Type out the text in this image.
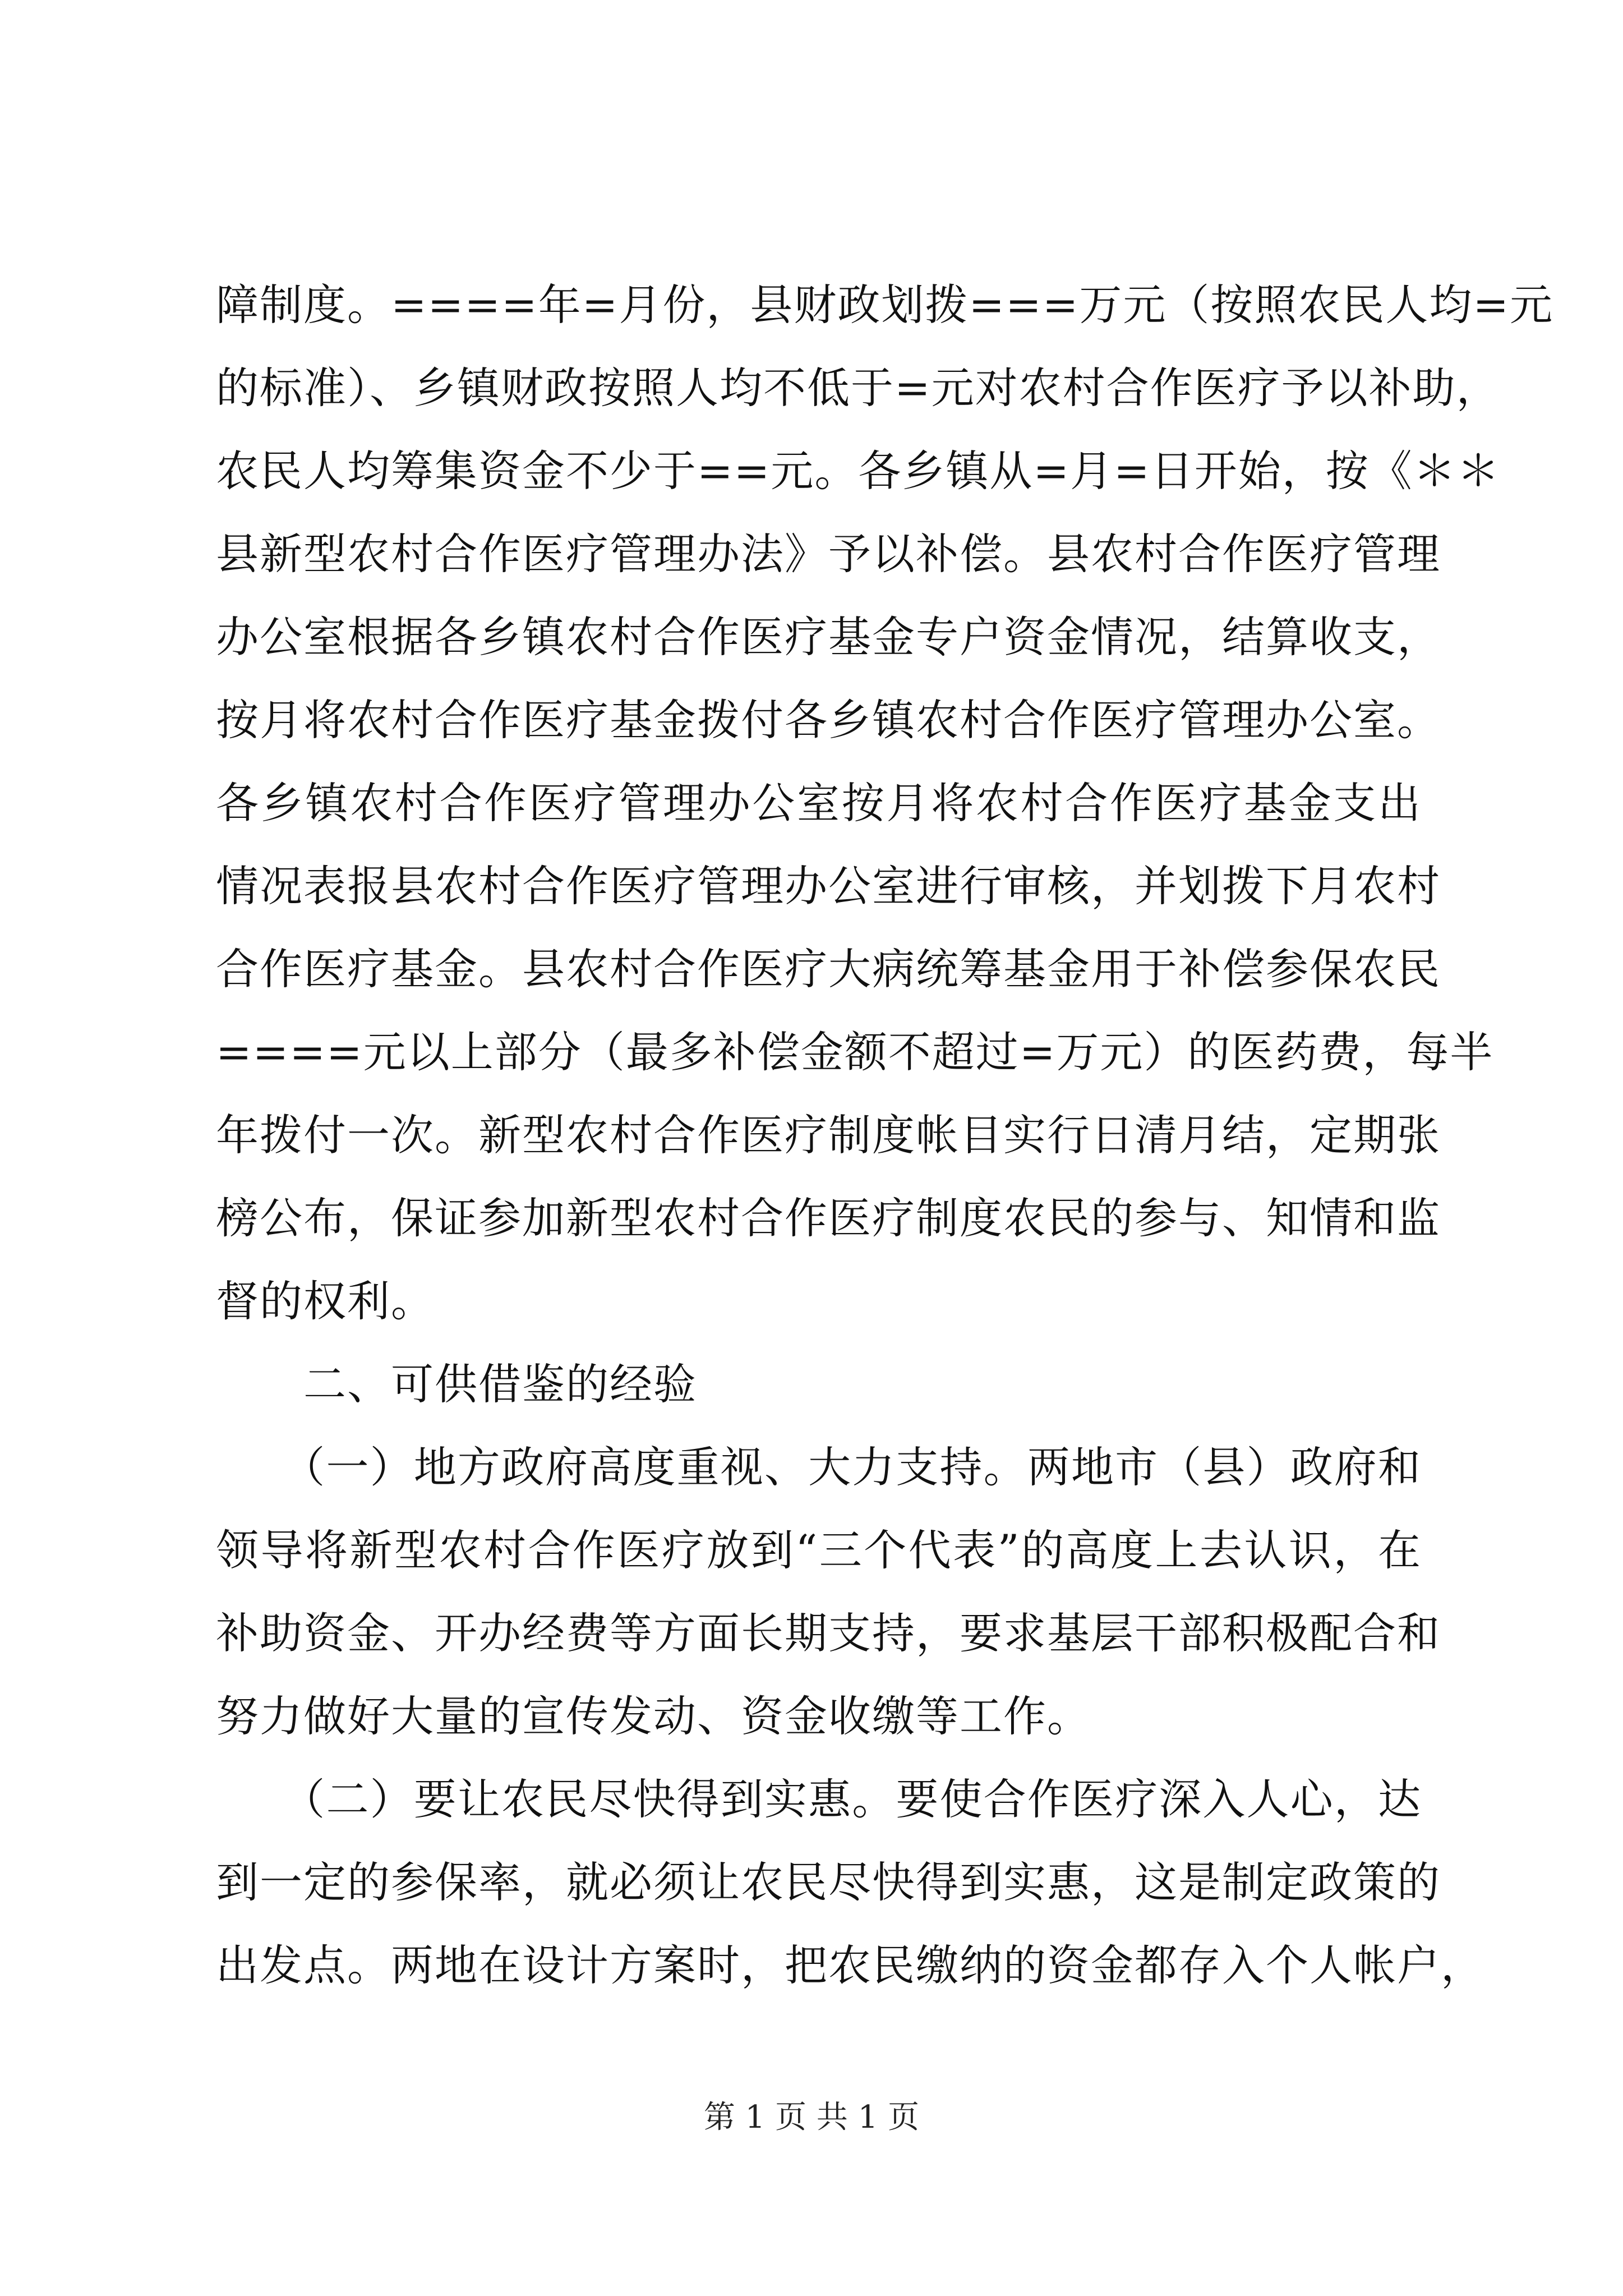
障制度。====年=月份，县财政划拨===万元（按照农民人均=元
的标准）、乡镇财政按照人均不低于=元对农村合作医疗予以补助，
农民人均筹集资金不少于==元。各乡镇从=月=日开始，按《＊＊
县新型农村合作医疗管理办法》予以补偿。县农村合作医疗管理
办公室根据各乡镇农村合作医疗基金专户资金情况，结算收支，
按月将农村合作医疗基金拨付各乡镇农村合作医疗管理办公室。
各乡镇农村合作医疗管理办公室按月将农村合作医疗基金支出
情况表报县农村合作医疗管理办公室进行审核，并划拨下月农村
合作医疗基金。县农村合作医疗大病统筹基金用于补偿参保农民
====元以上部分（最多补偿金额不超过=万元）的医药费，每半
年拨付一次。新型农村合作医疗制度帐目实行日清月结，定期张
榜公布，保证参加新型农村合作医疗制度农民的参与、知情和监
督的权利。
　　二、可供借鉴的经验
　　（一）地方政府高度重视、大力支持。两地市（县）政府和
领导将新型农村合作医疗放到“三个代表”的高度上去认识，在
补助资金、开办经费等方面长期支持，要求基层干部积极配合和
努力做好大量的宣传发动、资金收缴等工作。
　　（二）要让农民尽快得到实惠。要使合作医疗深入人心，达
到一定的参保率，就必须让农民尽快得到实惠，这是制定政策的
出发点。两地在设计方案时，把农民缴纳的资金都存入个人帐户，
第 1 页 共 1 页
